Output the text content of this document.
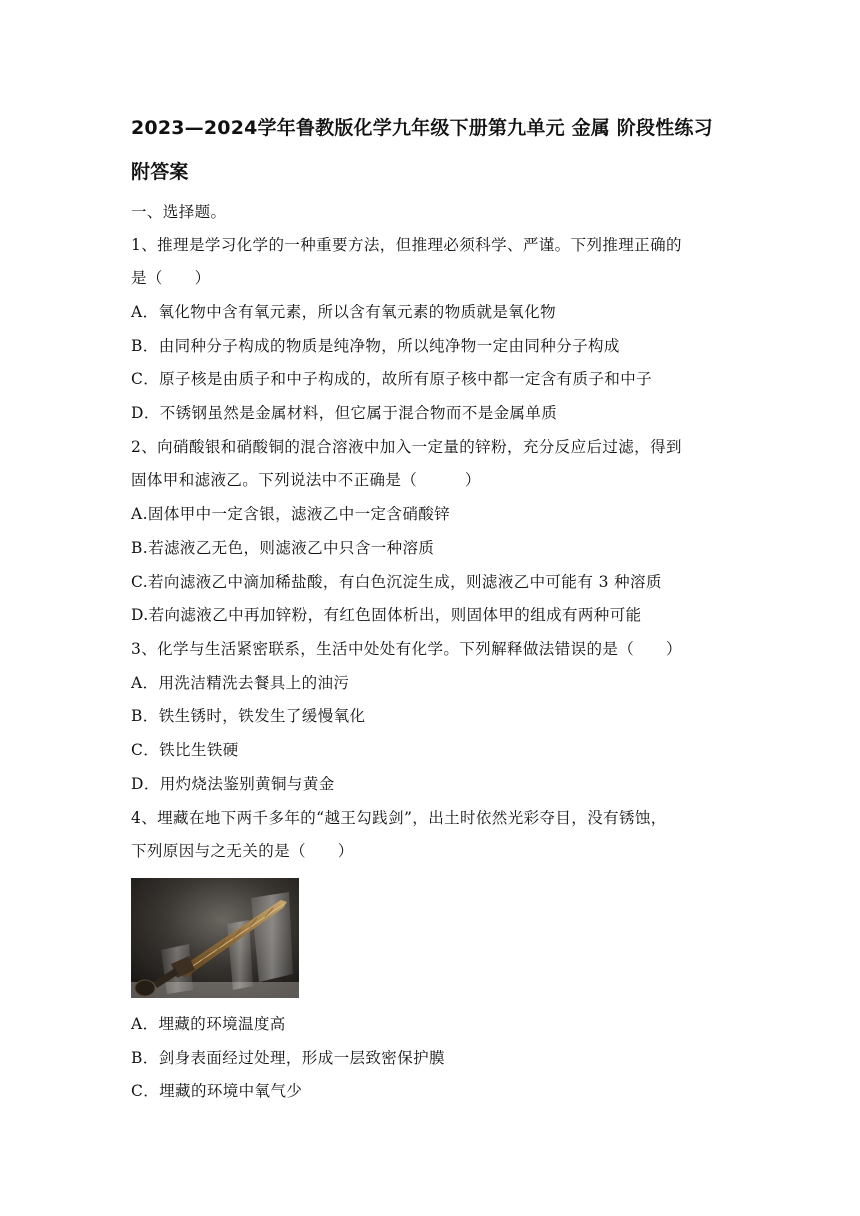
2023—2024学年鲁教版化学九年级下册第九单元 金属 阶段性练习
附答案
一、选择题。
1、推理是学习化学的一种重要方法，但推理必须科学、严谨。下列推理正确的
是（　　）
A．氧化物中含有氧元素，所以含有氧元素的物质就是氧化物
B．由同种分子构成的物质是纯净物，所以纯净物一定由同种分子构成
C．原子核是由质子和中子构成的，故所有原子核中都一定含有质子和中子
D．不锈钢虽然是金属材料，但它属于混合物而不是金属单质
2、向硝酸银和硝酸铜的混合溶液中加入一定量的锌粉，充分反应后过滤，得到
固体甲和滤液乙。下列说法中不正确是（　　　）
A.固体甲中一定含银，滤液乙中一定含硝酸锌
B.若滤液乙无色，则滤液乙中只含一种溶质
C.若向滤液乙中滴加稀盐酸，有白色沉淀生成，则滤液乙中可能有 3 种溶质
D.若向滤液乙中再加锌粉，有红色固体析出，则固体甲的组成有两种可能
3、化学与生活紧密联系，生活中处处有化学。下列解释做法错误的是（　　）
A．用洗洁精洗去餐具上的油污
B．铁生锈时，铁发生了缓慢氧化
C．铁比生铁硬
D．用灼烧法鉴别黄铜与黄金
4、埋藏在地下两千多年的“越王勾践剑”，出土时依然光彩夺目，没有锈蚀，
下列原因与之无关的是（　　）
A．埋藏的环境温度高
B．剑身表面经过处理，形成一层致密保护膜
C．埋藏的环境中氧气少
